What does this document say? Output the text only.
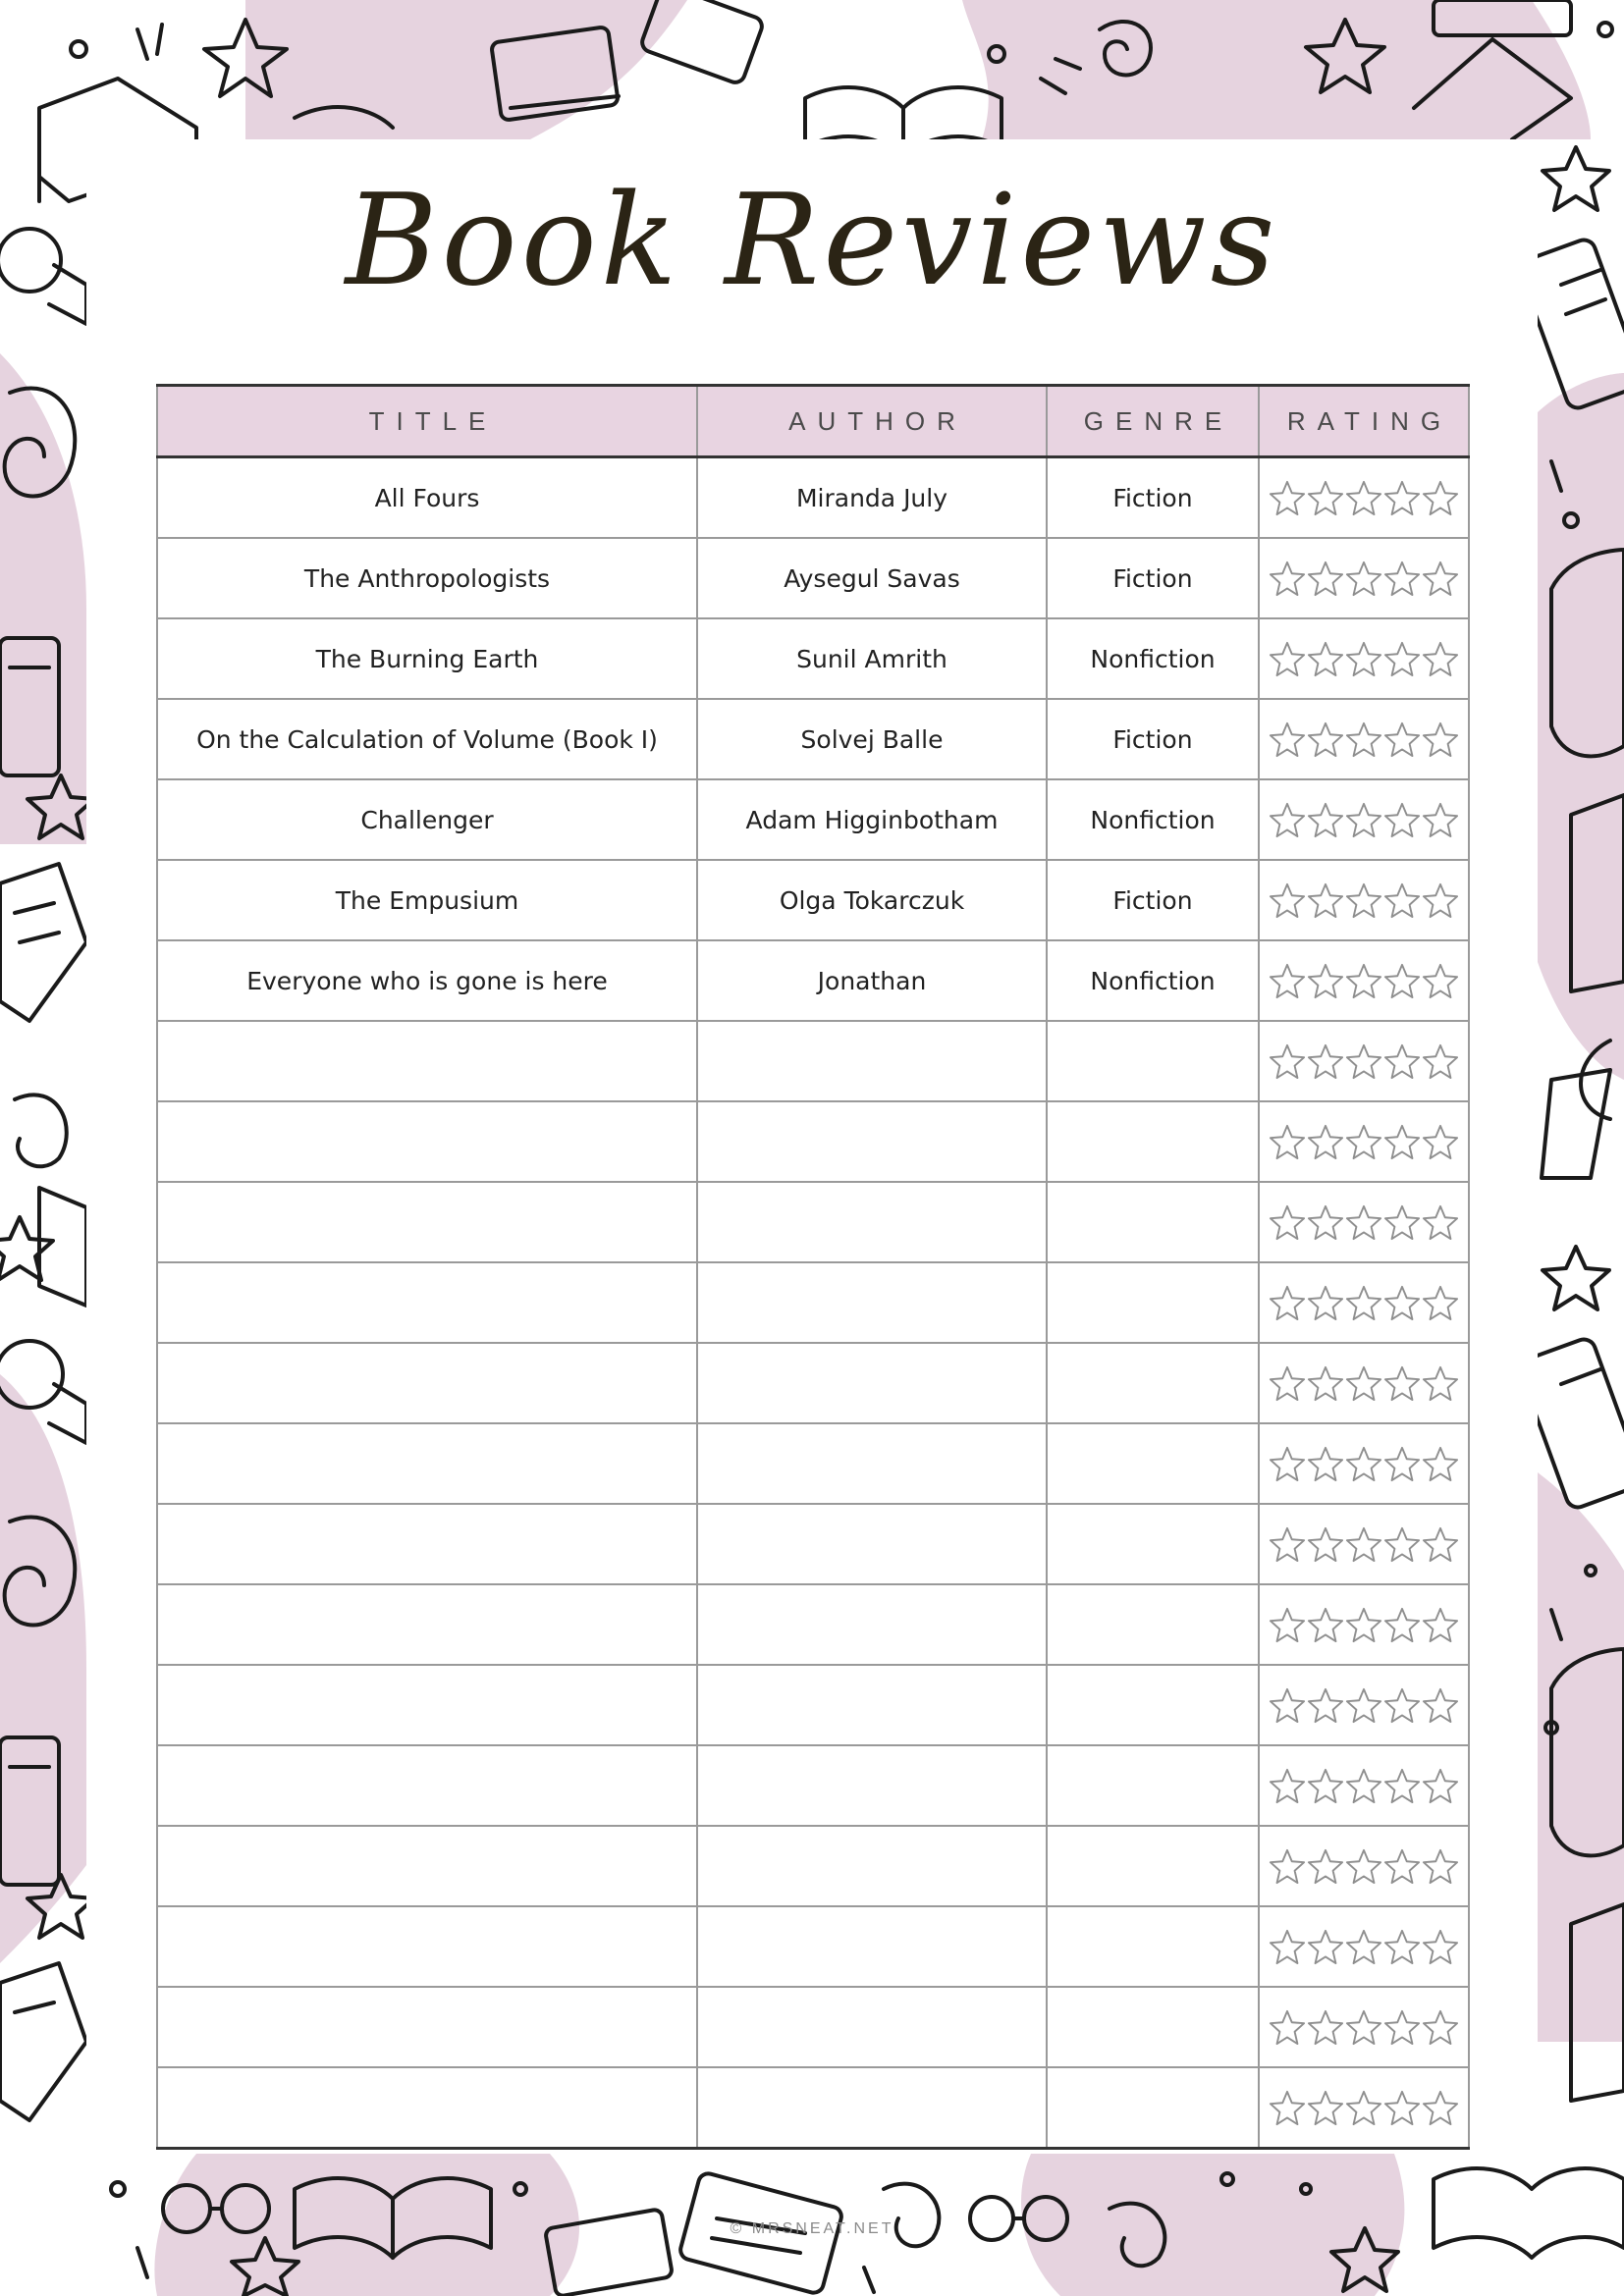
Book Reviews
TITLE	AUTHOR	GENRE	RATING
All Fours	Miranda July	Fiction	

The Anthropologists	Aysegul Savas	Fiction	

The Burning Earth	Sunil Amrith	Nonfiction	

On the Calculation of Volume (Book I)	Solvej Balle	Fiction	

Challenger	Adam Higginbotham	Nonfiction	

The Empusium	Olga Tokarczuk	Fiction	

Everyone who is gone is here	Jonathan	Nonfiction	

© MRSNEAT.NET
